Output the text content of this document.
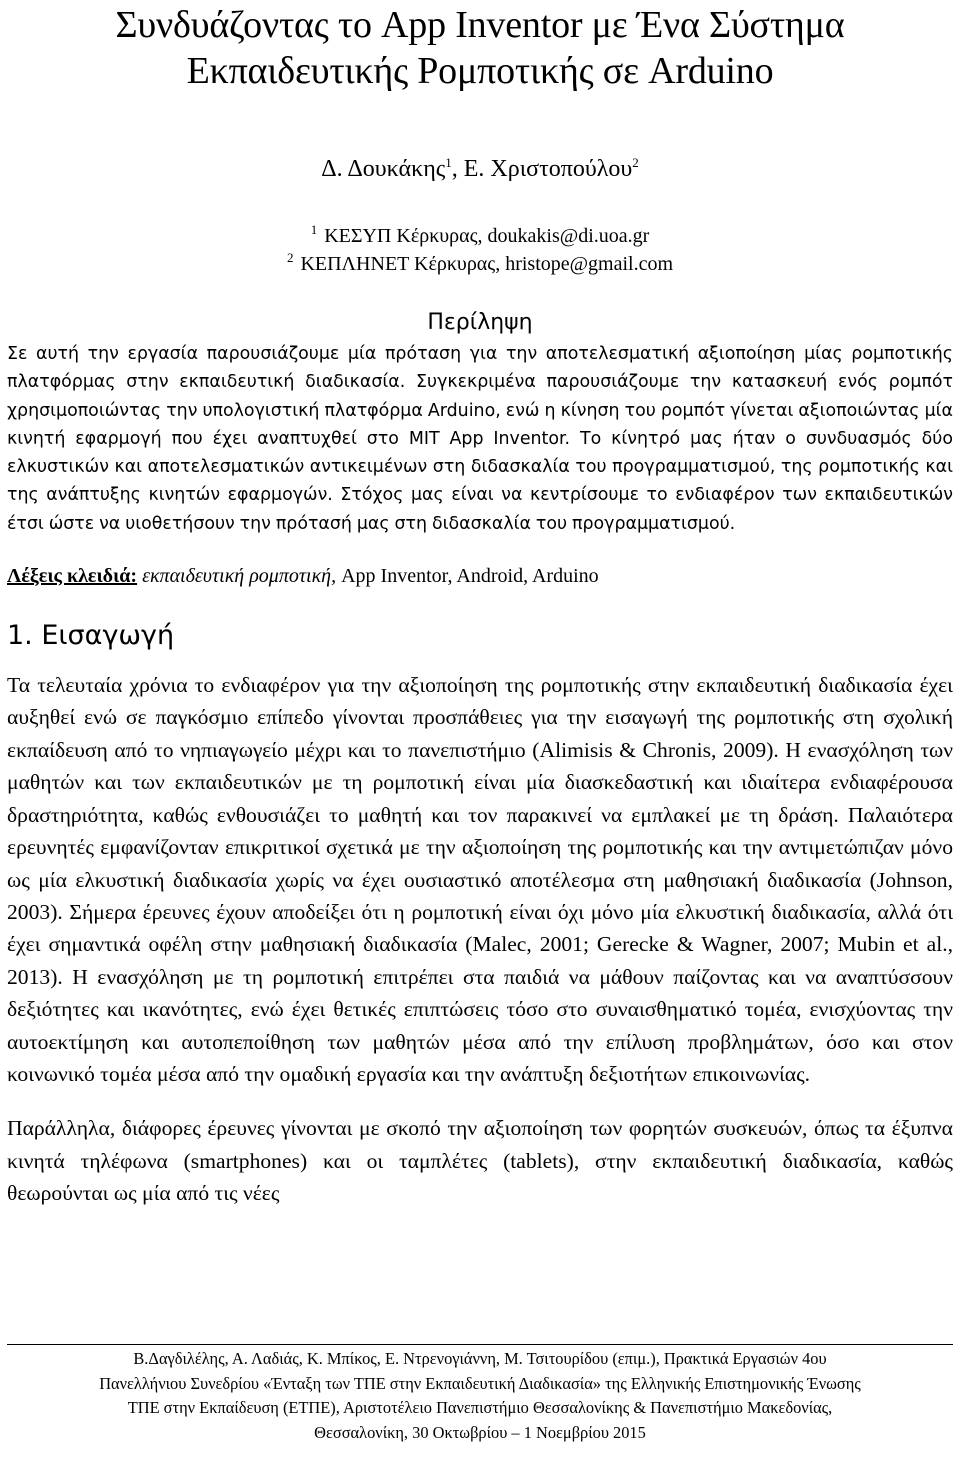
Συνδυάζοντας το App Inventor με Ένα Σύστημα
Εκπαιδευτικής Ρομποτικής σε Arduino
Δ. Δουκάκης$^1$, Ε. Χριστοπούλου$^2$
$^1$ ΚΕΣΥΠ Κέρκυρας, doukakis@di.uoa.gr
$^2$ ΚΕΠΛΗΝΕΤ Κέρκυρας, hristope@gmail.com
Περίληψη
Σε αυτή την εργασία παρουσιάζουμε μία πρόταση για την αποτελεσματική αξιοποίηση μίας ρομποτικής πλατφόρμας στην εκπαιδευτική διαδικασία. Συγκεκριμένα παρουσιάζουμε την κατασκευή ενός ρομπότ χρησιμοποιώντας την υπολογιστική πλατφόρμα Arduino, ενώ η κίνηση του ρομπότ γίνεται αξιοποιώντας μία κινητή εφαρμογή που έχει αναπτυχθεί στο MIT App Inventor. Το κίνητρό μας ήταν ο συνδυασμός δύο ελκυστικών και αποτελεσματικών αντικειμένων στη διδασκαλία του προγραμματισμού, της ρομποτικής και της ανάπτυξης κινητών εφαρμογών. Στόχος μας είναι να κεντρίσουμε το ενδιαφέρον των εκπαιδευτικών έτσι ώστε να υιοθετήσουν την πρότασή μας στη διδασκαλία του προγραμματισμού.
Λέξεις κλειδιά: εκπαιδευτική ρομποτική, App Inventor, Android, Arduino
1. Εισαγωγή
Τα τελευταία χρόνια το ενδιαφέρον για την αξιοποίηση της ρομποτικής στην εκπαιδευτική διαδικασία έχει αυξηθεί ενώ σε παγκόσμιο επίπεδο γίνονται προσπάθειες για την εισαγωγή της ρομποτικής στη σχολική εκπαίδευση από το νηπιαγωγείο μέχρι και το πανεπιστήμιο (Alimisis & Chronis, 2009). Η ενασχόληση των μαθητών και των εκπαιδευτικών με τη ρομποτική είναι μία διασκεδαστική και ιδιαίτερα ενδιαφέρουσα δραστηριότητα, καθώς ενθουσιάζει το μαθητή και τον παρακινεί να εμπλακεί με τη δράση. Παλαιότερα ερευνητές εμφανίζονταν επικριτικοί σχετικά με την αξιοποίηση της ρομποτικής και την αντιμετώπιζαν μόνο ως μία ελκυστική διαδικασία χωρίς να έχει ουσιαστικό αποτέλεσμα στη μαθησιακή διαδικασία (Johnson, 2003). Σήμερα έρευνες έχουν αποδείξει ότι η ρομποτική είναι όχι μόνο μία ελκυστική διαδικασία, αλλά ότι έχει σημαντικά οφέλη στην μαθησιακή διαδικασία (Malec, 2001; Gerecke & Wagner, 2007; Mubin et al., 2013). Η ενασχόληση με τη ρομποτική επιτρέπει στα παιδιά να μάθουν παίζοντας και να αναπτύσσουν δεξιότητες και ικανότητες, ενώ έχει θετικές επιπτώσεις τόσο στο συναισθηματικό τομέα, ενισχύοντας την αυτοεκτίμηση και αυτοπεποίθηση των μαθητών μέσα από την επίλυση προβλημάτων, όσο και στον κοινωνικό τομέα μέσα από την ομαδική εργασία και την ανάπτυξη δεξιοτήτων επικοινωνίας.
Παράλληλα, διάφορες έρευνες γίνονται με σκοπό την αξιοποίηση των φορητών συσκευών, όπως τα έξυπνα κινητά τηλέφωνα (smartphones) και οι ταμπλέτες (tablets), στην εκπαιδευτική διαδικασία, καθώς θεωρούνται ως μία από τις νέες
Β.Δαγδιλέλης, Α. Λαδιάς, Κ. Μπίκος, Ε. Ντρενογιάννη, Μ. Τσιτουρίδου (επιμ.), Πρακτικά Εργασιών 4ου
Πανελλήνιου Συνεδρίου «Ένταξη των ΤΠΕ στην Εκπαιδευτική Διαδικασία» της Ελληνικής Επιστημονικής Ένωσης
ΤΠΕ στην Εκπαίδευση (ΕΤΠΕ), Αριστοτέλειο Πανεπιστήμιο Θεσσαλονίκης & Πανεπιστήμιο Μακεδονίας,
Θεσσαλονίκη, 30 Οκτωβρίου – 1 Νοεμβρίου 2015
